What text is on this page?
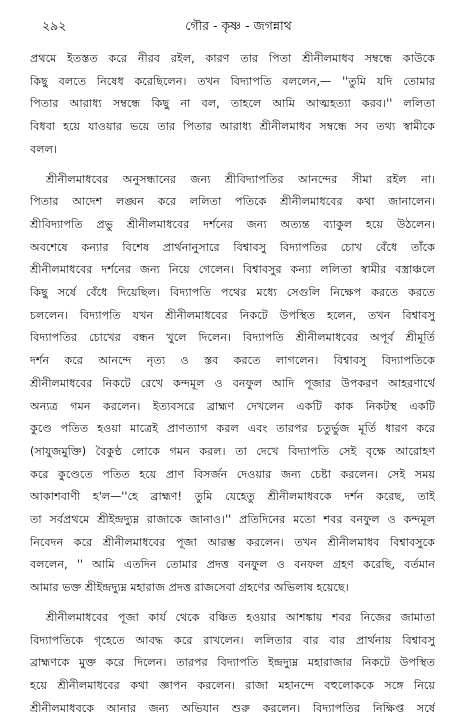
২৯২	গৌর - কৃষ্ণ - জগন্নাথ

প্রথমে ইতস্তত করে নীরব রইল, কারণ তার পিতা শ্রীনীলমাধব সম্বন্ধে কাউকে
কিছু বলতে নিষেধ করেছিলেন। তখন বিদ্যাপতি বললেন,— ''তুমি যদি তোমার
পিতার আরাধ্য সম্বন্ধে কিছু না বল, তাহলে আমি আত্মহত্যা করব।'' ললিতা
বিধবা হয়ে যাওয়ার ভয়ে তার পিতার আরাধ্য শ্রীনীলমাধব সম্বন্ধে সব তথ্য স্বামীকে
বলল।

শ্রীনীলমাধবের অনুসন্ধানের জন্য শ্রীবিদ্যাপতির আনন্দের সীমা রইল না।
পিতার আদেশ লঙ্ঘন করে ললিতা পতিকে শ্রীনীলমাধবের কথা জানালেন।
শ্রীবিদ্যাপতি প্রভু শ্রীনীলমাধবের দর্শনের জন্য অত্যন্ত ব্যাকুল হয়ে উঠলেন।
অবশেষে কন্যার বিশেষ প্রার্থনানুসারে বিশ্বাবসু বিদ্যাপতির চোখ বেঁধে তাঁকে
শ্রীনীলমাধবের দর্শনের জন্য নিয়ে গেলেন। বিশ্বাবসুর কন্যা ললিতা স্বামীর বস্ত্রাঞ্চলে
কিছু সর্ষে বেঁধে দিয়েছিল। বিদ্যাপতি পথের মধ্যে সেগুলি নিক্ষেপ করতে করতে
চললেন। বিদ্যাপতি যখন শ্রীনীলমাধবের নিকটে উপস্থিত হলেন, তখন বিশ্বাবসু
বিদ্যাপতির চোখের বন্ধন খুলে দিলেন। বিদ্যাপতি শ্রীনীলমাধবের অপূর্ব শ্রীমূর্তি
দর্শন করে আনন্দে নৃত্য ও স্তব করতে লাগলেন। বিশ্বাবসু বিদ্যাপতিকে
শ্রীনীলমাধবের নিকটে রেখে কন্দমূল ও বনফুল আদি পূজার উপকরণ আহরণার্থে
অন্যত্র গমন করলেন। ইত্যবসরে ব্রাহ্মণ দেখলেন একটি কাক নিকটস্থ একটি
কুণ্ডে পতিত হওয়া মাত্রেই প্রাণত্যাগ করল এবং তারপর চতুর্ভুজ মূর্তি ধারণ করে
(সাযুজমুক্তি) বৈকুণ্ঠ লোকে গমন করল। তা দেখে বিদ্যাপতি সেই বৃক্ষে আরোহণ
করে কুণ্ডেতে পতিত হয়ে প্রাণ বিসর্জন দেওয়ার জন্য চেষ্টা করলেন। সেই সময়
আকাশবাণী হ'ল—''হে ব্রাহ্মণ! তুমি যেহেতু শ্রীনীলমাধবকে দর্শন করেছ, তাই
তা সর্বপ্রথমে শ্রীইন্দ্রদ্যুম্ন রাজাকে জানাও।'' প্রতিদিনের মতো শবর বনফুল ও কন্দমূল
নিবেদন করে শ্রীনীলমাধবের পূজা আরম্ভ করলেন। তখন শ্রীনীলমাধব বিশ্বাবসুকে
বললেন, '' আমি এতদিন তোমার প্রদত্ত বনফুল ও বনফল গ্রহণ করেছি, বর্তমান
আমার ভক্ত শ্রীইন্দ্রদ্যুম্ন মহারাজ প্রদত্ত রাজসেবা গ্রহণের অভিলাষ হয়েছে।

শ্রীনীলমাধবের পূজা কার্য থেকে বঞ্চিত হওয়ার আশঙ্কায় শবর নিজের জামাতা
বিদ্যাপতিকে গৃহেতে আবদ্ধ করে রাখলেন। ললিতার বার বার প্রার্থনায় বিশ্বাবসু
ব্রাহ্মণকে মুক্ত করে দিলেন। তারপর বিদ্যাপতি ইন্দ্রদ্যুম্ন মহারাজার নিকটে উপস্থিত
হয়ে শ্রীনীলমাধবের কথা জ্ঞাপন করলেন। রাজা মহানন্দে বহুলোককে সঙ্গে নিয়ে
শ্রীনীলমাধবকে আনার জন্য অভিযান শুরু করলেন। বিদ্যাপতির নিক্ষিপ্ত সর্ষে
